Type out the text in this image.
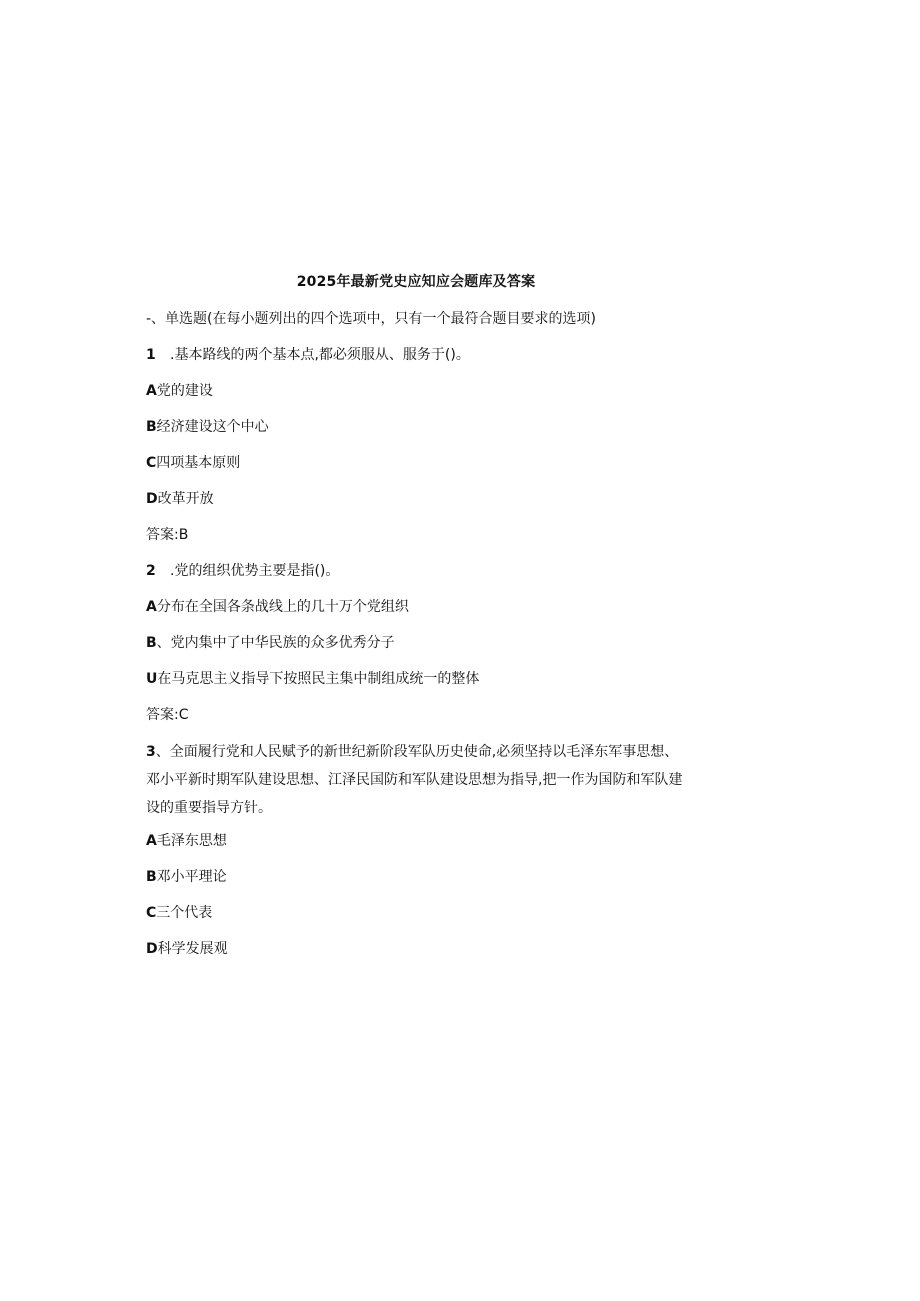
2025年最新党史应知应会题库及答案
-、单选题(在每小题列出的四个选项中，只有一个最符合题目要求的选项)
1 .基本路线的两个基本点,都必须服从、服务于()。
A党的建设
B经济建设这个中心
C四项基本原则
D改革开放
答案:B
2 .党的组织优势主要是指()。
A分布在全国各条战线上的几十万个党组织
B、党内集中了中华民族的众多优秀分子
U在马克思主义指导下按照民主集中制组成统一的整体
答案:C
3、全面履行党和人民赋予的新世纪新阶段军队历史使命,必须坚持以毛泽东军事思想、邓小平新时期军队建设思想、江泽民国防和军队建设思想为指导,把一作为国防和军队建设的重要指导方针。
A毛泽东思想
B邓小平理论
C三个代表
D科学发展观
